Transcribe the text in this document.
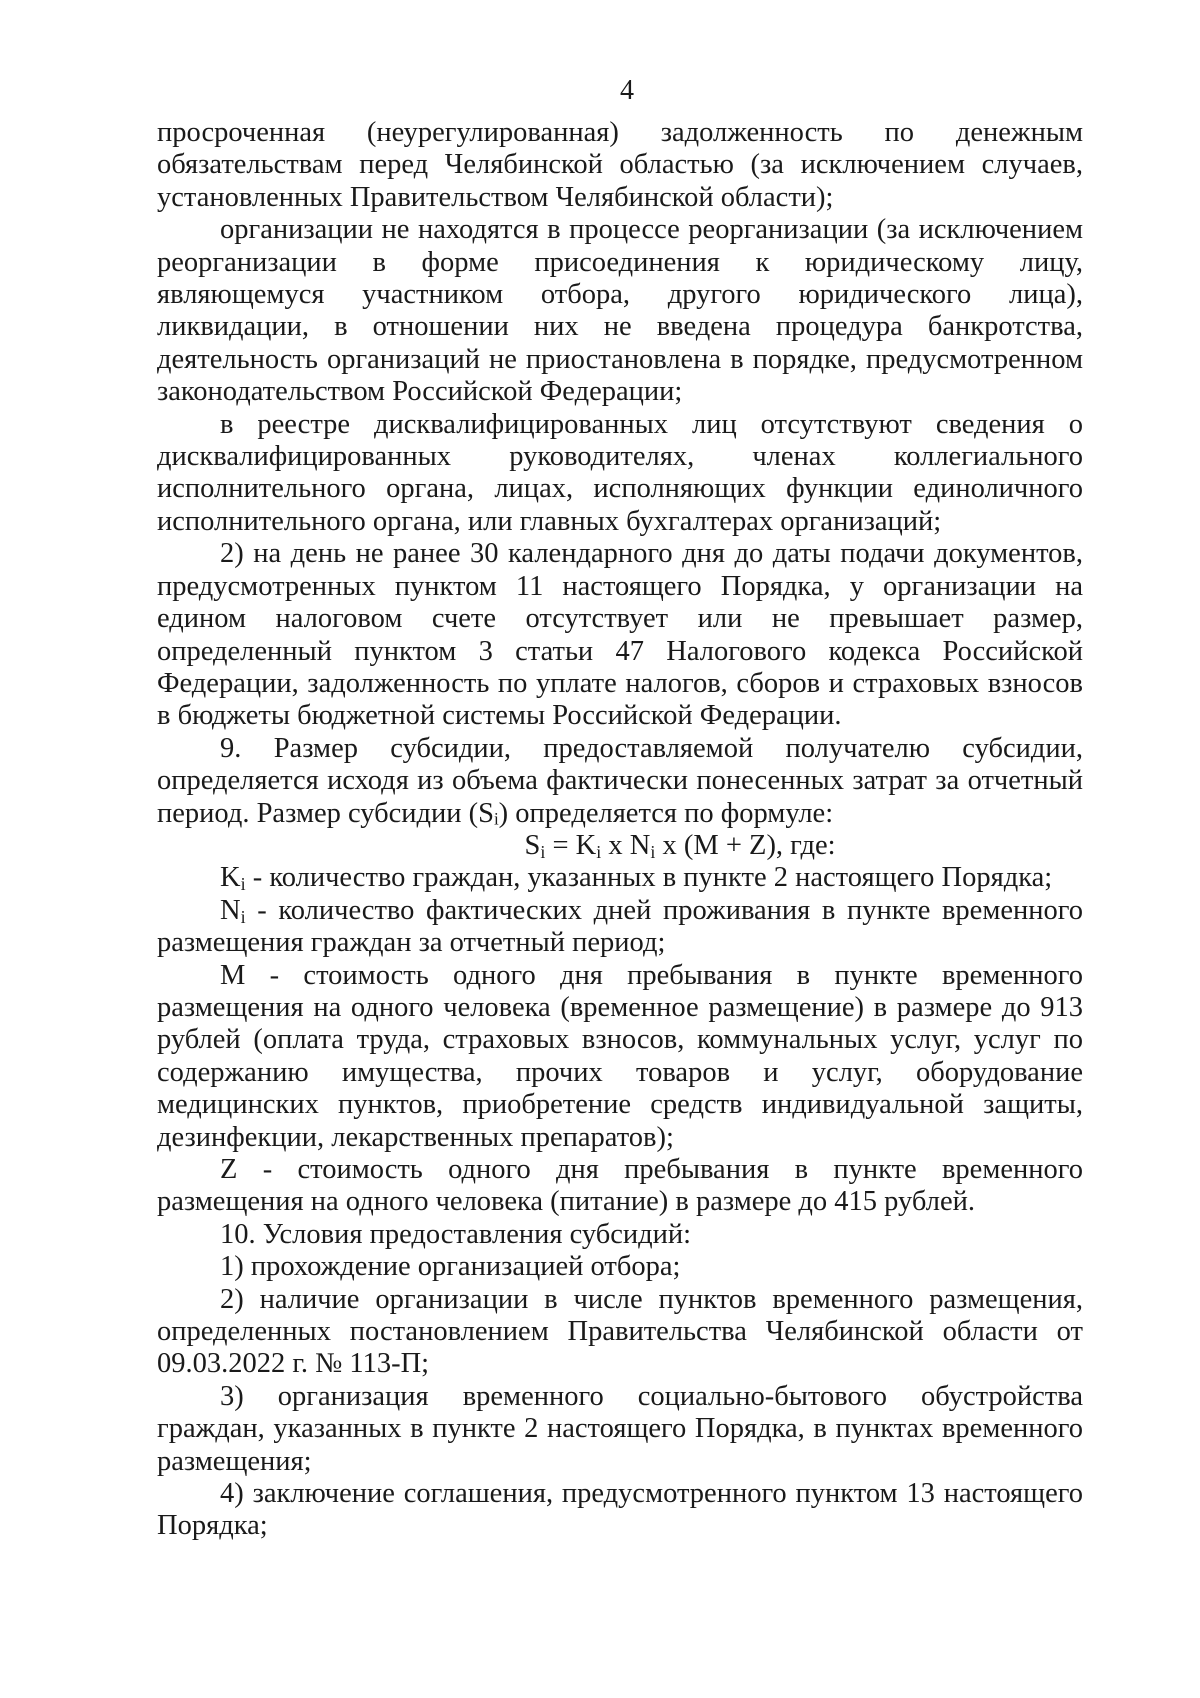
4

просроченная (неурегулированная) задолженность по денежным обязательствам перед Челябинской областью (за исключением случаев, установленных Правительством Челябинской области);

организации не находятся в процессе реорганизации (за исключением реорганизации в форме присоединения к юридическому лицу, являющемуся участником отбора, другого юридического лица), ликвидации, в отношении них не введена процедура банкротства, деятельность организаций не приостановлена в порядке, предусмотренном законодательством Российской Федерации;

в реестре дисквалифицированных лиц отсутствуют сведения о дисквалифицированных руководителях, членах коллегиального исполнительного органа, лицах, исполняющих функции единоличного исполнительного органа, или главных бухгалтерах организаций;

2) на день не ранее 30 календарного дня до даты подачи документов, предусмотренных пунктом 11 настоящего Порядка, у организации на едином налоговом счете отсутствует или не превышает размер, определенный пунктом 3 статьи 47 Налогового кодекса Российской Федерации, задолженность по уплате налогов, сборов и страховых взносов в бюджеты бюджетной системы Российской Федерации.

9. Размер субсидии, предоставляемой получателю субсидии, определяется исходя из объема фактически понесенных затрат за отчетный период. Размер субсидии (Sᵢ) определяется по формуле:

$S_i = K_i$ x $N_i$ x (M + Z), где:

$K_i$ - количество граждан, указанных в пункте 2 настоящего Порядка;

$N_i$ - количество фактических дней проживания в пункте временного размещения граждан за отчетный период;

M - стоимость одного дня пребывания в пункте временного размещения на одного человека (временное размещение) в размере до 913 рублей (оплата труда, страховых взносов, коммунальных услуг, услуг по содержанию имущества, прочих товаров и услуг, оборудование медицинских пунктов, приобретение средств индивидуальной защиты, дезинфекции, лекарственных препаратов);

Z - стоимость одного дня пребывания в пункте временного размещения на одного человека (питание) в размере до 415 рублей.

10. Условия предоставления субсидий:

1) прохождение организацией отбора;

2) наличие организации в числе пунктов временного размещения, определенных постановлением Правительства Челябинской области от 09.03.2022 г. № 113-П;

3) организация временного социально-бытового обустройства граждан, указанных в пункте 2 настоящего Порядка, в пунктах временного размещения;

4) заключение соглашения, предусмотренного пунктом 13 настоящего Порядка;
